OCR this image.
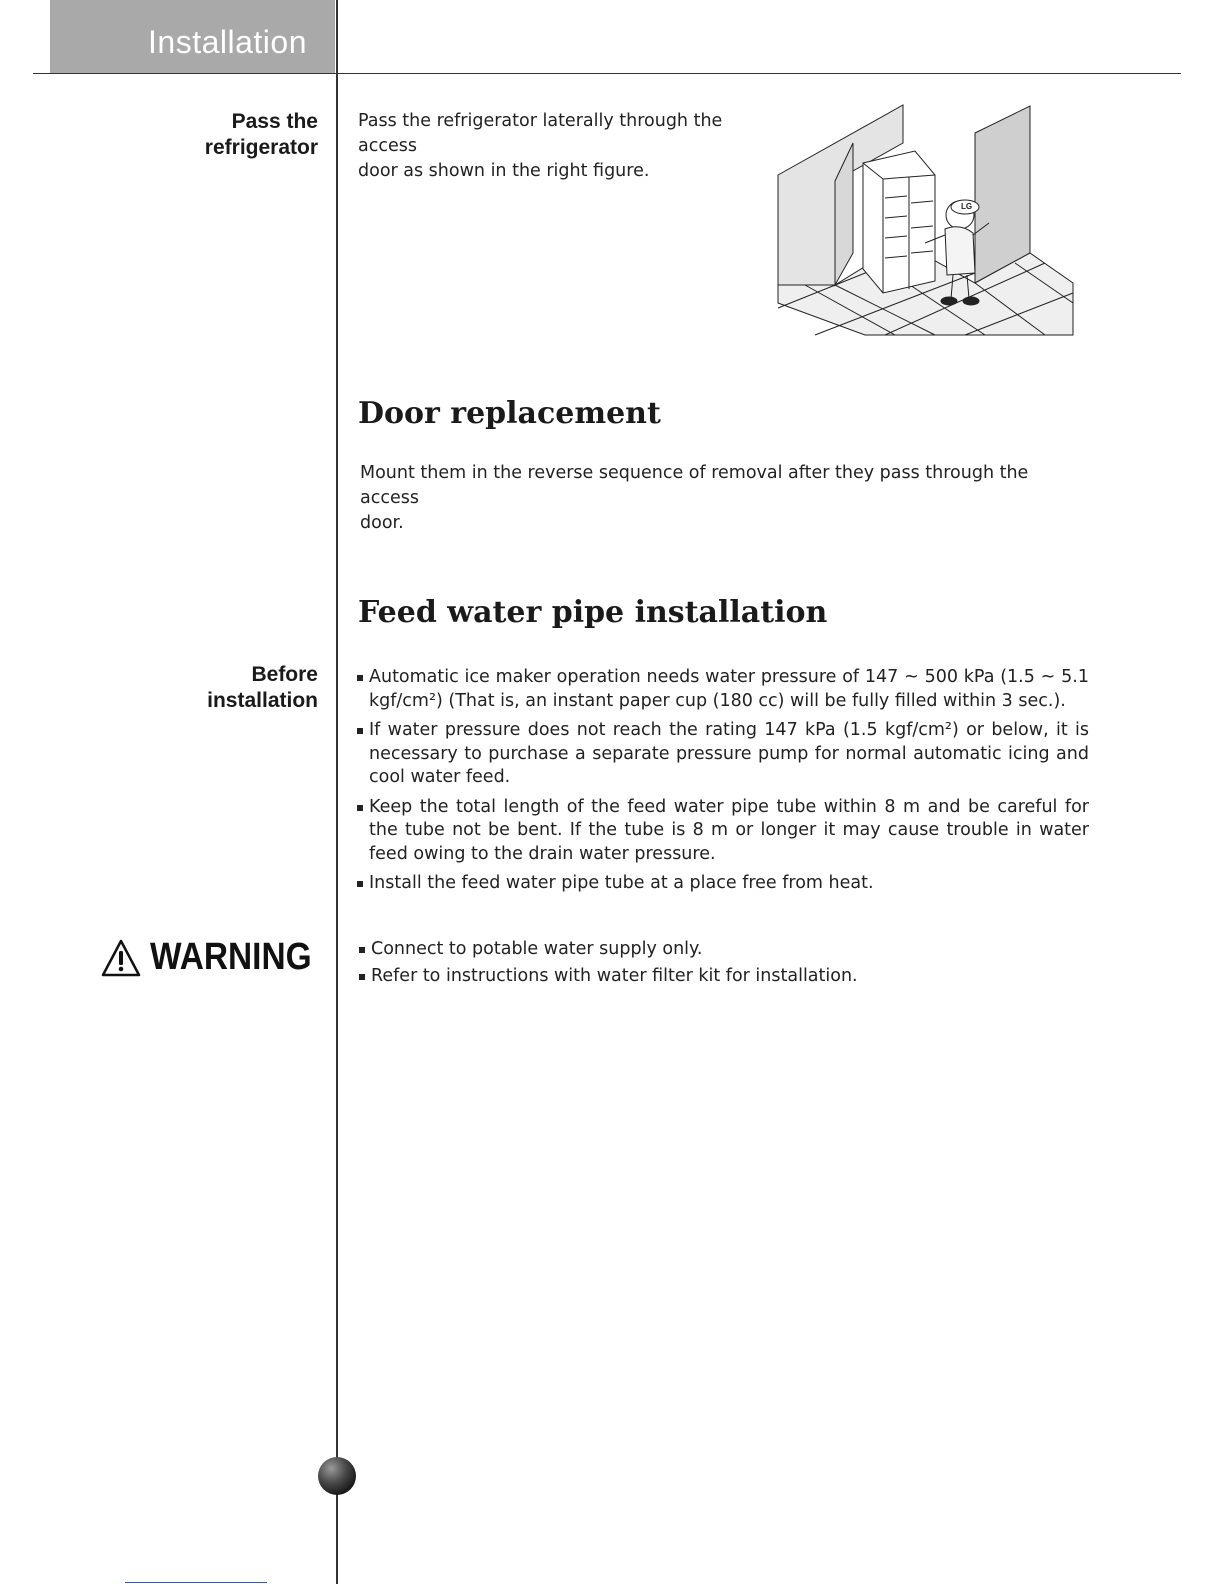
Installation
Pass the
refrigerator
Pass the refrigerator laterally through the access
door as shown in the right figure.
LG
Door replacement
Mount them in the reverse sequence of removal after they pass through the access
door.
Feed water pipe installation
Before
installation
Automatic ice maker operation needs water pressure of 147 ~ 500 kPa (1.5 ~ 5.1 kgf/cm²) (That is, an instant paper cup (180 cc) will be fully filled within 3 sec.).
If water pressure does not reach the rating 147 kPa (1.5 kgf/cm²) or below, it is necessary to purchase a separate pressure pump for normal automatic icing and cool water feed.
Keep the total length of the feed water pipe tube within 8 m and be careful for the tube not be bent. If the tube is 8 m or longer it may cause trouble in water feed owing to the drain water pressure.
Install the feed water pipe tube at a place free from heat.
WARNING	Connect to potable water supply only.
Refer to instructions with water filter kit for installation.
